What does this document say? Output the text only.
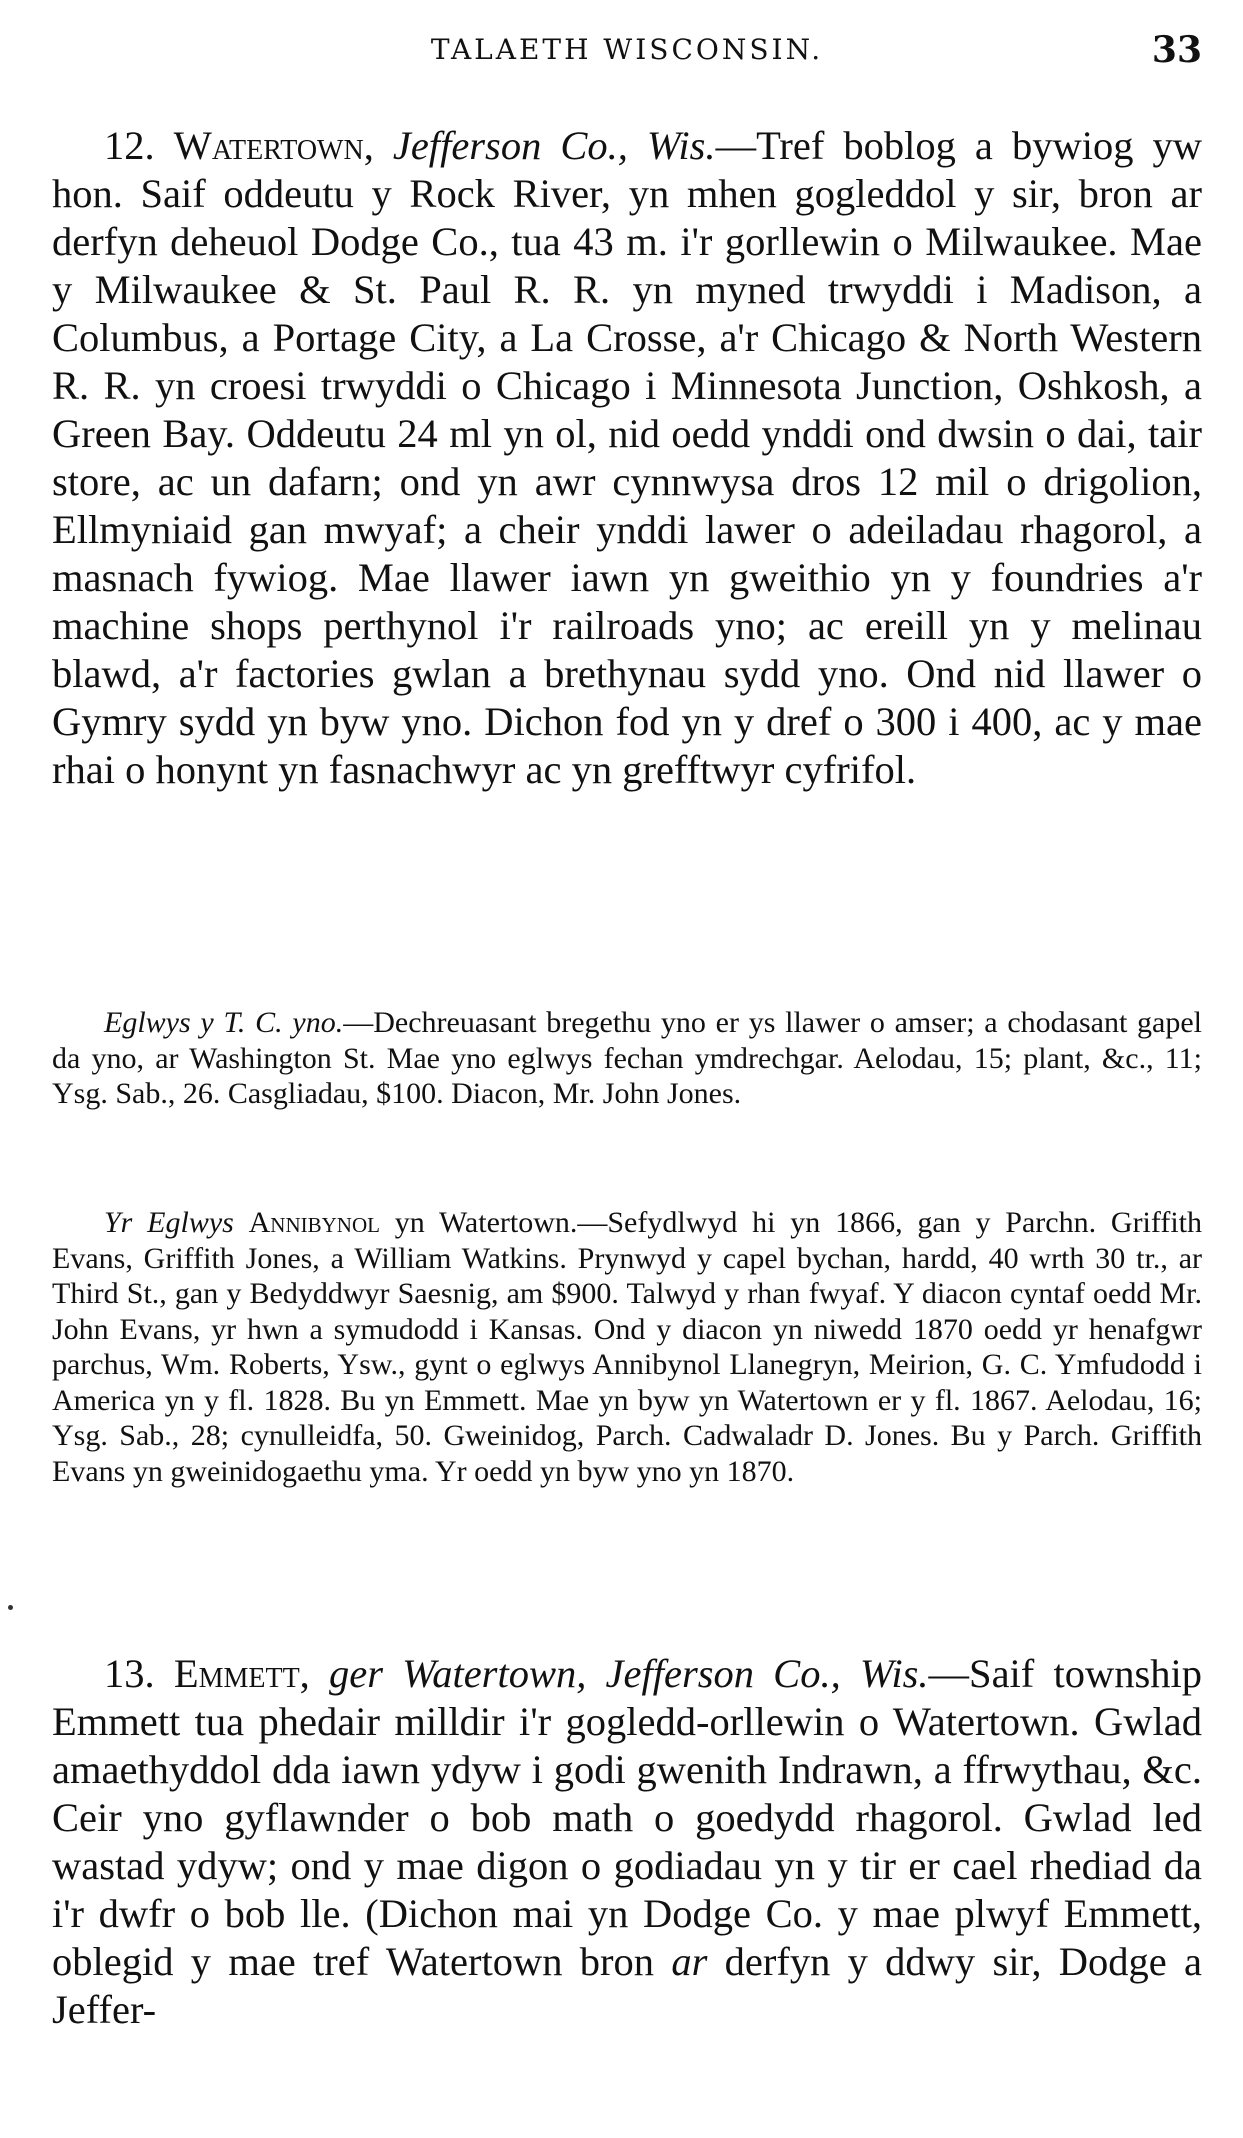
TALAETH WISCONSIN.	33

12. Watertown, Jefferson Co., Wis.—Tref boblog a bywiog yw hon. Saif oddeutu y Rock River, yn mhen gogleddol y sir, bron ar derfyn deheuol Dodge Co., tua 43 m. i'r gorllewin o Milwaukee. Mae y Milwaukee & St. Paul R. R. yn myned trwyddi i Madison, a Columbus, a Portage City, a La Crosse, a'r Chicago & North Western R. R. yn croesi trwyddi o Chicago i Minnesota Junction, Oshkosh, a Green Bay. Oddeutu 24 ml yn ol, nid oedd ynddi ond dwsin o dai, tair store, ac un dafarn; ond yn awr cynnwysa dros 12 mil o drigolion, Ellmyniaid gan mwyaf; a cheir ynddi lawer o adeiladau rhagorol, a masnach fywiog. Mae llawer iawn yn gweithio yn y foundries a'r machine shops perthynol i'r railroads yno; ac ereill yn y melinau blawd, a'r factories gwlan a brethynau sydd yno. Ond nid llawer o Gymry sydd yn byw yno. Dichon fod yn y dref o 300 i 400, ac y mae rhai o honynt yn fasnachwyr ac yn grefftwyr cyfrifol.

Eglwys y T. C. yno.—Dechreuasant bregethu yno er ys llawer o amser; a chodasant gapel da yno, ar Washington St. Mae yno eglwys fechan ymdrechgar. Aelodau, 15; plant, &c., 11; Ysg. Sab., 26. Casgliadau, $100. Diacon, Mr. John Jones.

Yr Eglwys Annibynol yn Watertown.—Sefydlwyd hi yn 1866, gan y Parchn. Griffith Evans, Griffith Jones, a William Watkins. Prynwyd y capel bychan, hardd, 40 wrth 30 tr., ar Third St., gan y Bedyddwyr Saesnig, am $900. Talwyd y rhan fwyaf. Y diacon cyntaf oedd Mr. John Evans, yr hwn a symudodd i Kansas. Ond y diacon yn niwedd 1870 oedd yr henafgwr parchus, Wm. Roberts, Ysw., gynt o eglwys Annibynol Llanegryn, Meirion, G. C. Ymfudodd i America yn y fl. 1828. Bu yn Emmett. Mae yn byw yn Watertown er y fl. 1867. Aelodau, 16; Ysg. Sab., 28; cynulleidfa, 50. Gweinidog, Parch. Cadwaladr D. Jones. Bu y Parch. Griffith Evans yn gweinidogaethu yma. Yr oedd yn byw yno yn 1870.

13. Emmett, ger Watertown, Jefferson Co., Wis.—Saif township Emmett tua phedair milldir i'r gogledd-orllewin o Watertown. Gwlad amaethyddol dda iawn ydyw i godi gwenith Indrawn, a ffrwythau, &c. Ceir yno gyflawnder o bob math o goedydd rhagorol. Gwlad led wastad ydyw; ond y mae digon o godiadau yn y tir er cael rhediad da i'r dwfr o bob lle. (Dichon mai yn Dodge Co. y mae plwyf Emmett, oblegid y mae tref Watertown bron ar derfyn y ddwy sir, Dodge a Jeffer-
